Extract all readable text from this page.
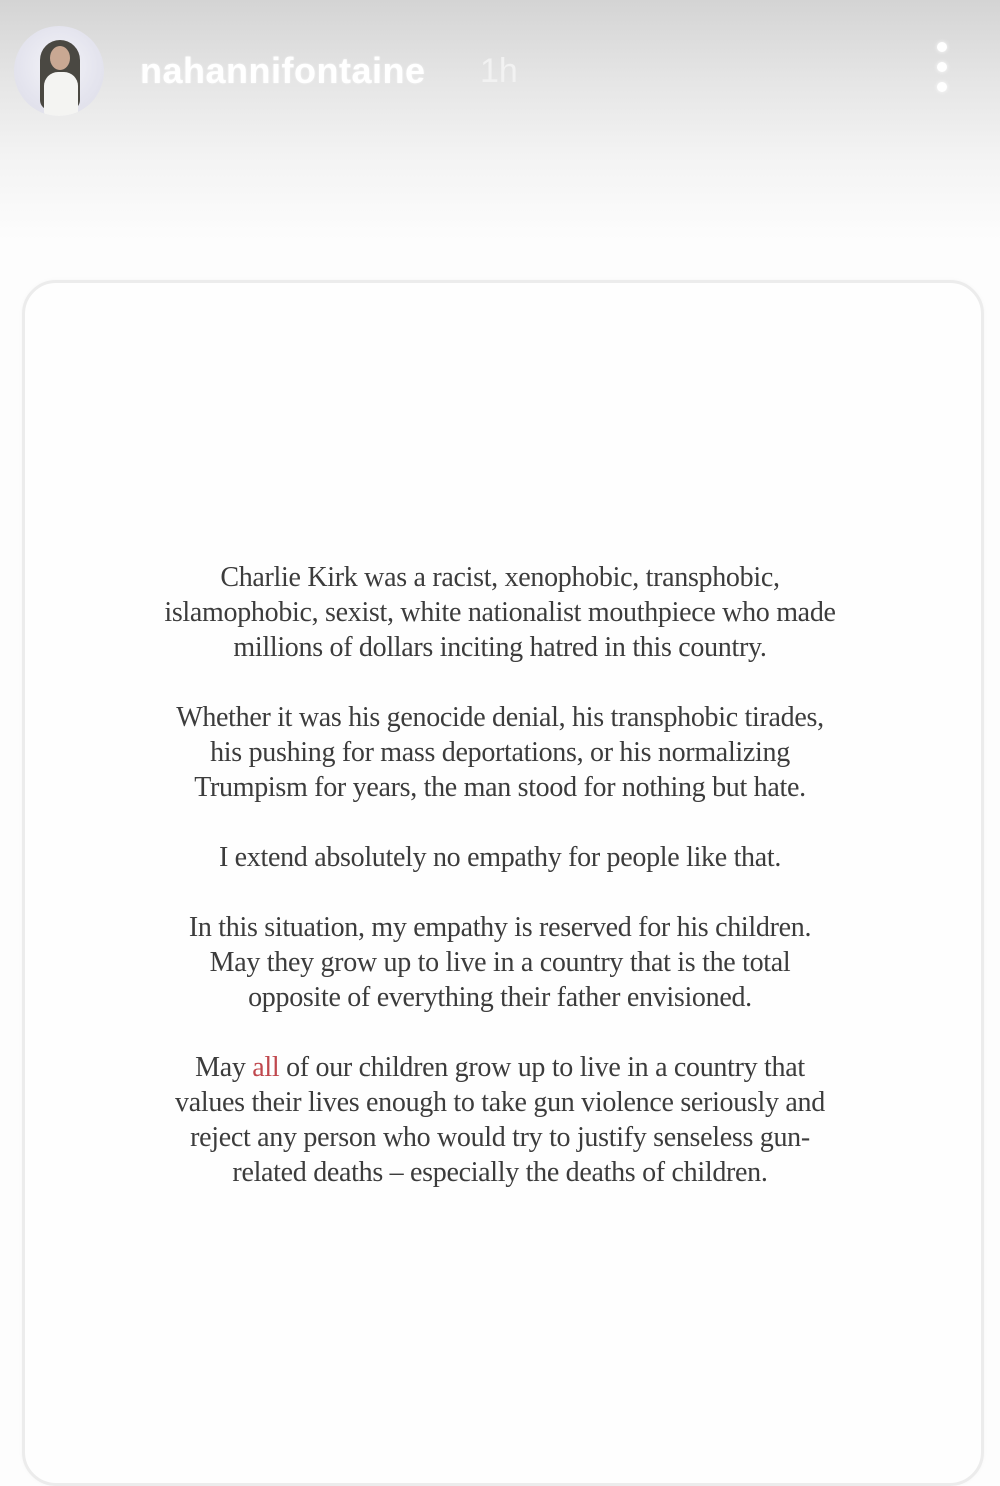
nahannifontaine 1h

Charlie Kirk was a racist, xenophobic, transphobic,
islamophobic, sexist, white nationalist mouthpiece who made
millions of dollars inciting hatred in this country.

Whether it was his genocide denial, his transphobic tirades,
his pushing for mass deportations, or his normalizing
Trumpism for years, the man stood for nothing but hate.

I extend absolutely no empathy for people like that.

In this situation, my empathy is reserved for his children.
May they grow up to live in a country that is the total
opposite of everything their father envisioned.

May all of our children grow up to live in a country that
values their lives enough to take gun violence seriously and
reject any person who would try to justify senseless gun-
related deaths – especially the deaths of children.
